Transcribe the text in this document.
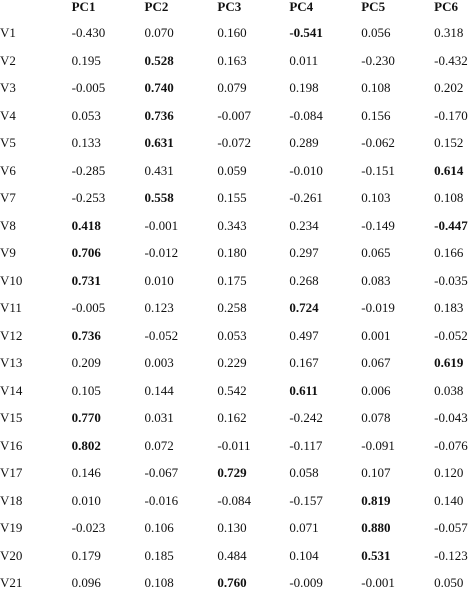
	PC1	PC2	PC3	PC4	PC5	PC6
V1	-0.430	0.070	0.160	-0.541	0.056	0.318
V2	0.195	0.528	0.163	0.011	-0.230	-0.432
V3	-0.005	0.740	0.079	0.198	0.108	0.202
V4	0.053	0.736	-0.007	-0.084	0.156	-0.170
V5	0.133	0.631	-0.072	0.289	-0.062	0.152
V6	-0.285	0.431	0.059	-0.010	-0.151	0.614
V7	-0.253	0.558	0.155	-0.261	0.103	0.108
V8	0.418	-0.001	0.343	0.234	-0.149	-0.447
V9	0.706	-0.012	0.180	0.297	0.065	0.166
V10	0.731	0.010	0.175	0.268	0.083	-0.035
V11	-0.005	0.123	0.258	0.724	-0.019	0.183
V12	0.736	-0.052	0.053	0.497	0.001	-0.052
V13	0.209	0.003	0.229	0.167	0.067	0.619
V14	0.105	0.144	0.542	0.611	0.006	0.038
V15	0.770	0.031	0.162	-0.242	0.078	-0.043
V16	0.802	0.072	-0.011	-0.117	-0.091	-0.076
V17	0.146	-0.067	0.729	0.058	0.107	0.120
V18	0.010	-0.016	-0.084	-0.157	0.819	0.140
V19	-0.023	0.106	0.130	0.071	0.880	-0.057
V20	0.179	0.185	0.484	0.104	0.531	-0.123
V21	0.096	0.108	0.760	-0.009	-0.001	0.050
